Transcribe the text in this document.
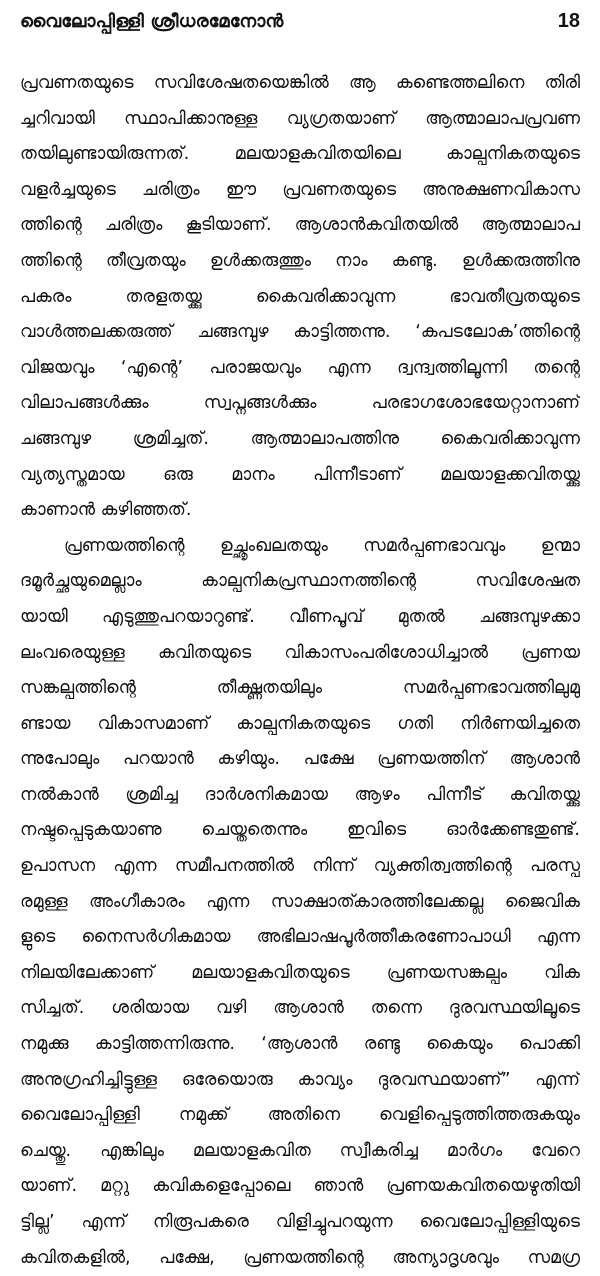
വൈലോപ്പിള്ളി ശ്രീധരമേനോൻ	18
പ്രവണതയുടെ സവിശേഷതയെങ്കിൽ ആ കണ്ടെത്തലിനെ തിരി
ച്ചറിവായി സ്ഥാപിക്കാനുള്ള വ്യഗ്രതയാണ് ആത്മാലാപപ്രവണ
തയിലുണ്ടായിരുന്നത്. മലയാളകവിതയിലെ കാല്പനികതയുടെ
വളർച്ചയുടെ ചരിത്രം ഈ പ്രവണതയുടെ അനുക്ഷണവികാസ
ത്തിന്റെ ചരിത്രം കൂടിയാണ്. ആശാൻകവിതയിൽ ആത്മാലാപ
ത്തിന്റെ തീവ്രതയും ഉൾക്കരുത്തും നാം കണ്ടു. ഉൾക്കരുത്തിനു
പകരം തരളതയ്ക്കു കൈവരിക്കാവുന്ന ഭാവതീവ്രതയുടെ
വാൾത്തലക്കരുത്ത് ചങ്ങമ്പുഴ കാട്ടിത്തന്നു. ‘കപടലോക’ത്തിന്റെ
വിജയവും ‘എന്റെ’ പരാജയവും എന്ന ദ്വന്ദ്വത്തിലൂന്നി തന്റെ
വിലാപങ്ങൾക്കും സ്വപ്നങ്ങൾക്കും പരഭാഗശോഭയേറ്റാനാണ്
ചങ്ങമ്പുഴ ശ്രമിച്ചത്. ആത്മാലാപത്തിനു കൈവരിക്കാവുന്ന
വ്യത്യസ്തമായ ഒരു മാനം പിന്നീടാണ് മലയാളക്കവിതയ്ക്കു
കാണാൻ കഴിഞ്ഞത്.
പ്രണയത്തിന്റെ ഉച്ഛൃംഖലതയും സമർപ്പണഭാവവും ഉന്മാ
ദമൂർച്ഛയുമെല്ലാം കാല്പനികപ്രസ്ഥാനത്തിന്റെ സവിശേഷത
യായി എടുത്തുപറയാറുണ്ട്. വീണപൂവ് മുതൽ ചങ്ങമ്പുഴക്കാ
ലംവരെയുള്ള കവിതയുടെ വികാസംപരിശോധിച്ചാൽ പ്രണയ
സങ്കല്പത്തിന്റെ തീക്ഷ്ണതയിലും സമർപ്പണഭാവത്തിലുമു
ണ്ടായ വികാസമാണ് കാല്പനികതയുടെ ഗതി നിർണയിച്ചതെ
ന്നുപോലും പറയാൻ കഴിയും. പക്ഷേ പ്രണയത്തിന് ആശാൻ
നൽകാൻ ശ്രമിച്ച ദാർശനികമായ ആഴം പിന്നീട് കവിതയ്ക്കു
നഷ്ടപ്പെടുകയാണു ചെയ്തതെന്നും ഇവിടെ ഓർക്കേണ്ടതുണ്ട്.
ഉപാസന എന്ന സമീപനത്തിൽ നിന്ന് വ്യക്തിത്വത്തിന്റെ പരസ്പ
രമുള്ള അംഗീകാരം എന്ന സാക്ഷാത്കാരത്തിലേക്കല്ല ജൈവിക
ളുടെ നൈസർഗികമായ അഭിലാഷപൂർത്തീകരണോപാധി എന്ന
നിലയിലേക്കാണ് മലയാളകവിതയുടെ പ്രണയസങ്കല്പം വിക
സിച്ചത്. ശരിയായ വഴി ആശാൻ തന്നെ ദുരവസ്ഥയിലൂടെ
നമുക്കു കാട്ടിത്തന്നിരുന്നു. ‘ആശാൻ രണ്ടു കൈയും പൊക്കി
അനുഗ്രഹിച്ചിട്ടുള്ള ഒരേയൊരു കാവ്യം ദുരവസ്ഥയാണ്” എന്ന്
വൈലോപ്പിള്ളി നമുക്ക് അതിനെ വെളിപ്പെടുത്തിത്തരുകയും
ചെയ്തു. എങ്കിലും മലയാളകവിത സ്വീകരിച്ച മാർഗം വേറെ
യാണ്. മറ്റു കവികളെപ്പോലെ ഞാൻ പ്രണയകവിതയെഴുതിയി
ട്ടില്ല’ എന്ന് നിരൂപകരെ വിളിച്ചുപറയുന്ന വൈലോപ്പിള്ളിയുടെ
കവിതകളിൽ, പക്ഷേ, പ്രണയത്തിന്റെ അന്യാദൃശവും സമഗ്ര
